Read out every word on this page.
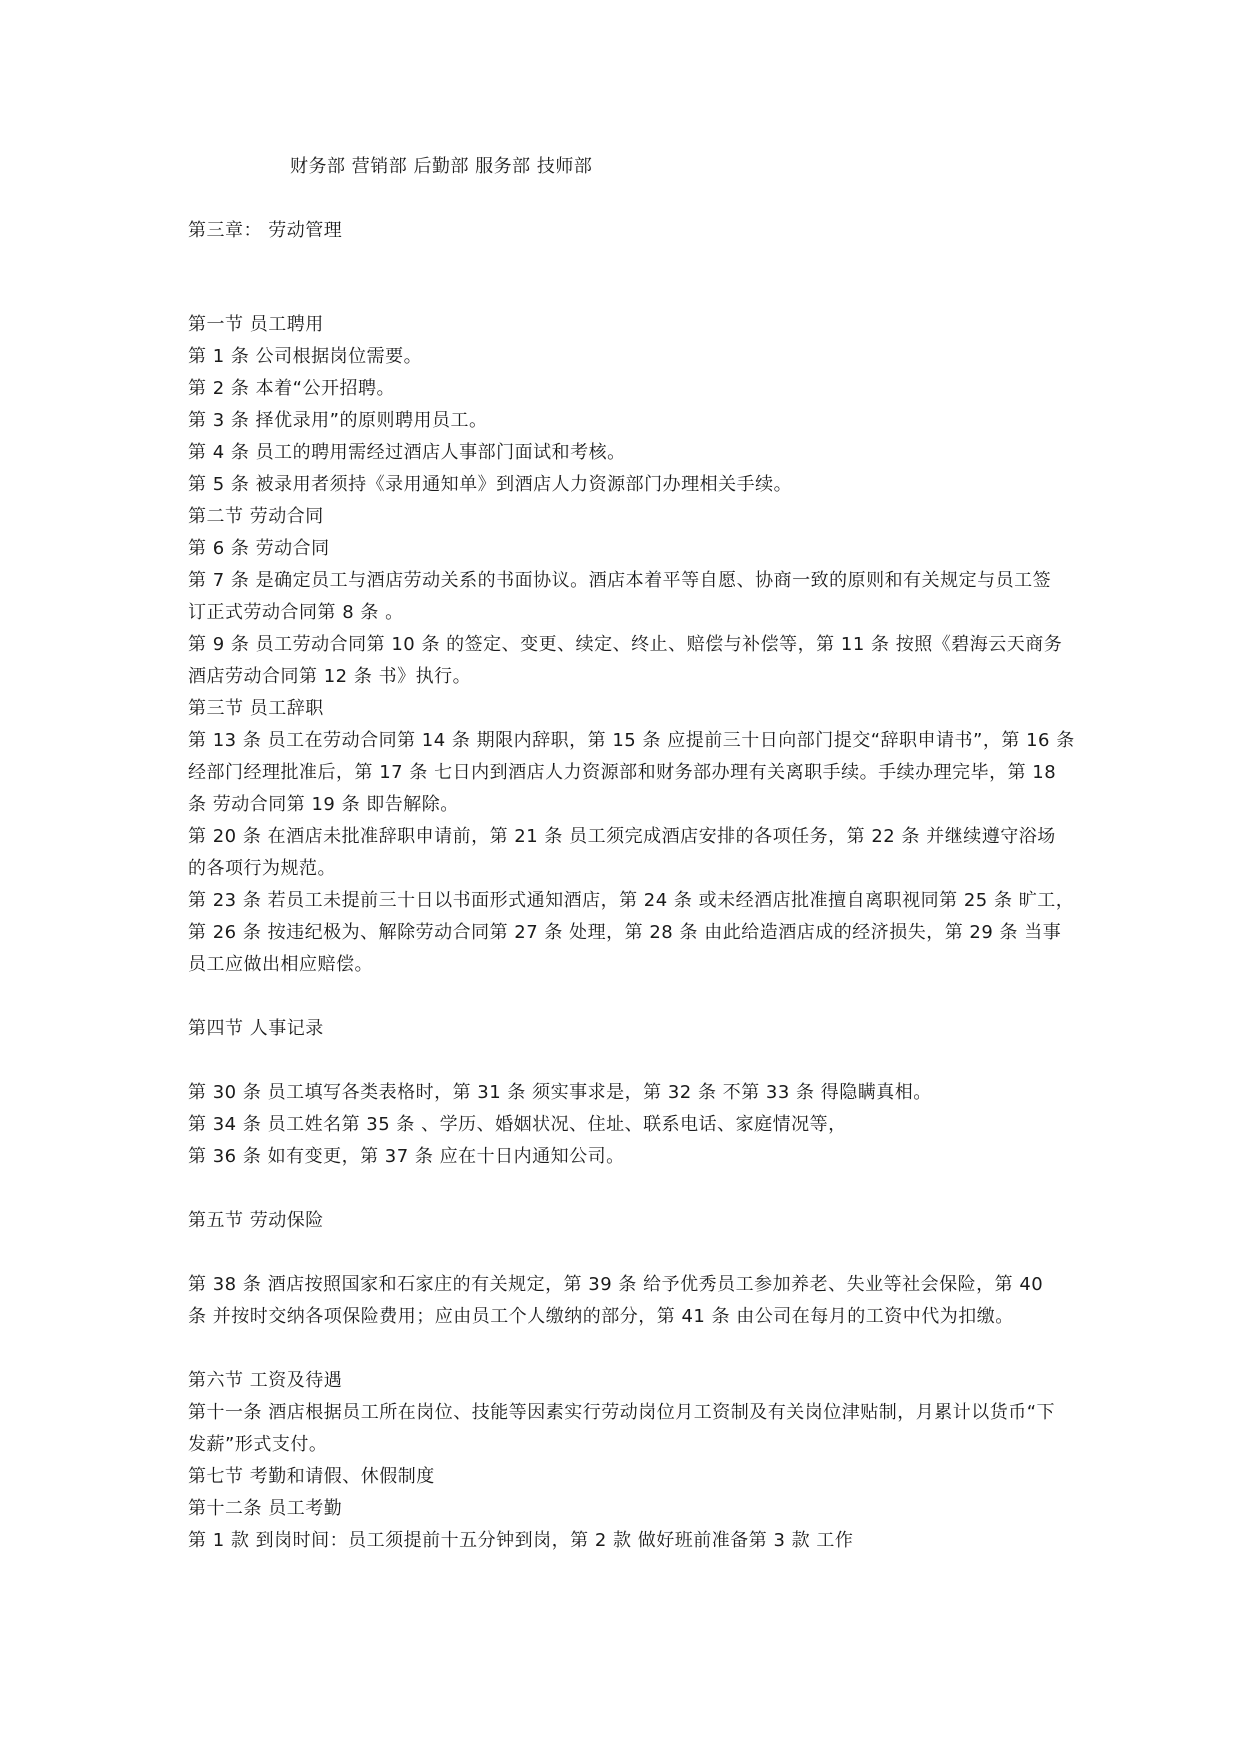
财务部 营销部 后勤部 服务部 技师部
第三章： 劳动管理
第一节 员工聘用
第 1 条 公司根据岗位需要。
第 2 条 本着“公开招聘。
第 3 条 择优录用”的原则聘用员工。
第 4 条 员工的聘用需经过酒店人事部门面试和考核。
第 5 条 被录用者须持《录用通知单》到酒店人力资源部门办理相关手续。
第二节 劳动合同
第 6 条 劳动合同
第 7 条 是确定员工与酒店劳动关系的书面协议。酒店本着平等自愿、协商一致的原则和有关规定与员工签
订正式劳动合同第 8 条 。
第 9 条 员工劳动合同第 10 条 的签定、变更、续定、终止、赔偿与补偿等，第 11 条 按照《碧海云天商务
酒店劳动合同第 12 条 书》执行。
第三节 员工辞职
第 13 条 员工在劳动合同第 14 条 期限内辞职，第 15 条 应提前三十日向部门提交“辞职申请书”，第 16 条
经部门经理批准后，第 17 条 七日内到酒店人力资源部和财务部办理有关离职手续。手续办理完毕，第 18
条 劳动合同第 19 条 即告解除。
第 20 条 在酒店未批准辞职申请前，第 21 条 员工须完成酒店安排的各项任务，第 22 条 并继续遵守浴场
的各项行为规范。
第 23 条 若员工未提前三十日以书面形式通知酒店，第 24 条 或未经酒店批准擅自离职视同第 25 条 旷工，
第 26 条 按违纪极为、解除劳动合同第 27 条 处理，第 28 条 由此给造酒店成的经济损失，第 29 条 当事
员工应做出相应赔偿。
第四节 人事记录
第 30 条 员工填写各类表格时，第 31 条 须实事求是，第 32 条 不第 33 条 得隐瞒真相。
第 34 条 员工姓名第 35 条 、学历、婚姻状况、住址、联系电话、家庭情况等，
第 36 条 如有变更，第 37 条 应在十日内通知公司。
第五节 劳动保险
第 38 条 酒店按照国家和石家庄的有关规定，第 39 条 给予优秀员工参加养老、失业等社会保险，第 40
条 并按时交纳各项保险费用；应由员工个人缴纳的部分，第 41 条 由公司在每月的工资中代为扣缴。
第六节 工资及待遇
第十一条 酒店根据员工所在岗位、技能等因素实行劳动岗位月工资制及有关岗位津贴制，月累计以货币“下
发薪”形式支付。
第七节 考勤和请假、休假制度
第十二条 员工考勤
第 1 款 到岗时间：员工须提前十五分钟到岗，第 2 款 做好班前准备第 3 款 工作
